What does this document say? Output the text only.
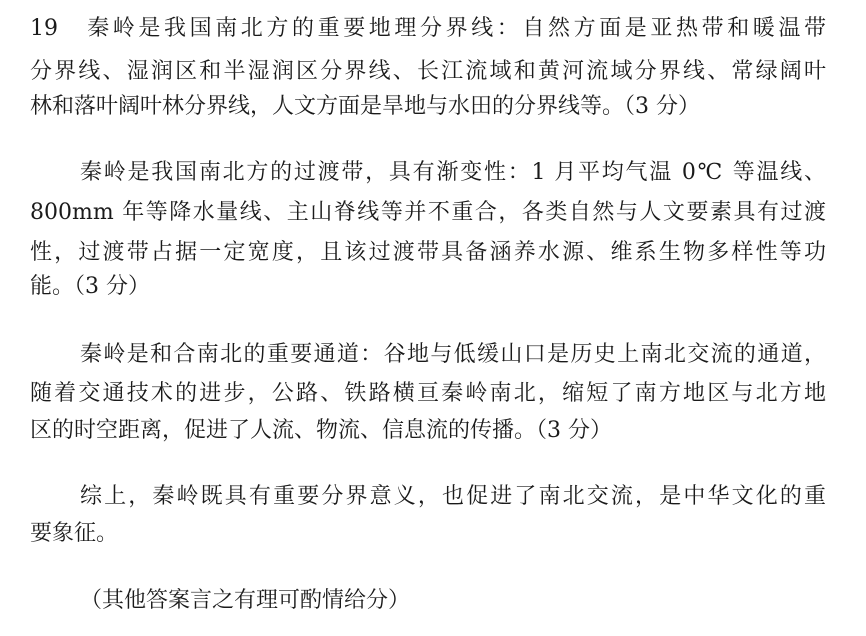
19　秦岭是我国南北方的重要地理分界线：自然方面是亚热带和暖温带
分界线、湿润区和半湿润区分界线、长江流域和黄河流域分界线、常绿阔叶
林和落叶阔叶林分界线，人文方面是旱地与水田的分界线等。（3 分）
秦岭是我国南北方的过渡带，具有渐变性：1 月平均气温 0℃ 等温线、
800mm 年等降水量线、主山脊线等并不重合，各类自然与人文要素具有过渡
性，过渡带占据一定宽度，且该过渡带具备涵养水源、维系生物多样性等功
能。（3 分）
秦岭是和合南北的重要通道：谷地与低缓山口是历史上南北交流的通道，
随着交通技术的进步，公路、铁路横亘秦岭南北，缩短了南方地区与北方地
区的时空距离，促进了人流、物流、信息流的传播。（3 分）
综上，秦岭既具有重要分界意义，也促进了南北交流，是中华文化的重
要象征。
（其他答案言之有理可酌情给分）
